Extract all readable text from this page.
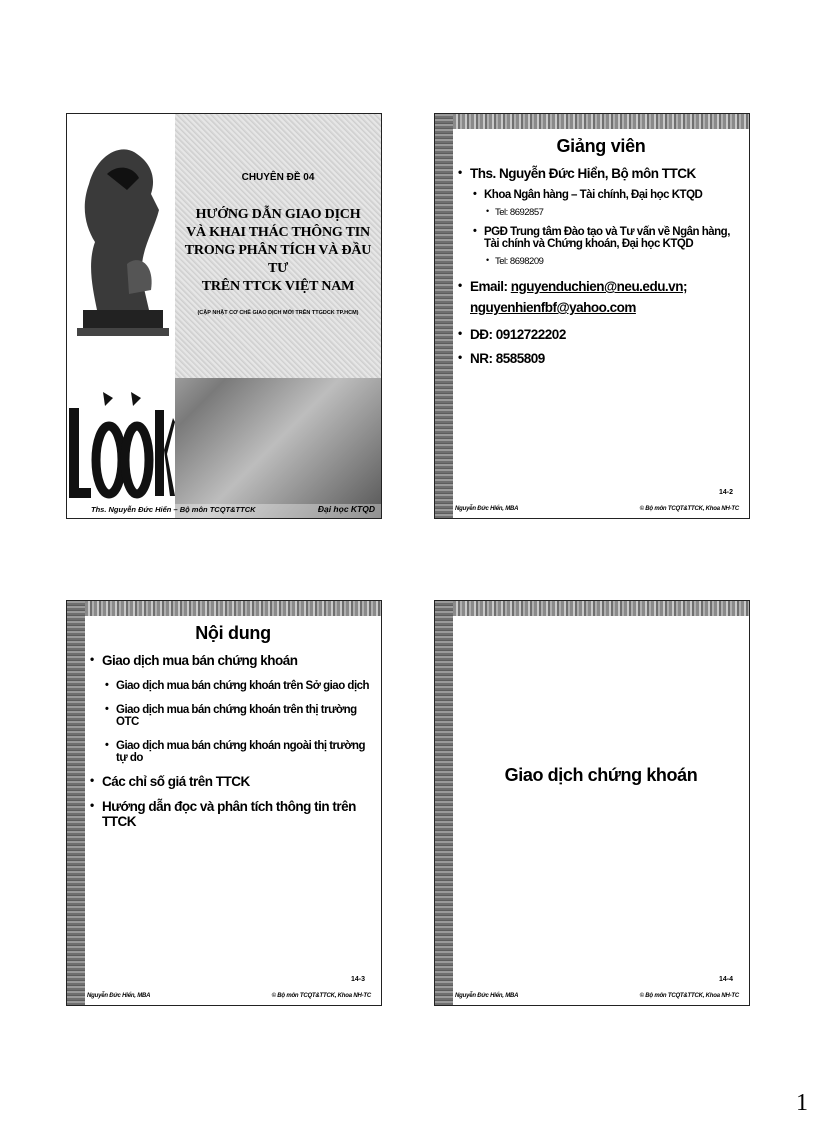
CHUYÊN ĐỀ 04
HƯỚNG DẪN GIAO DỊCH
VÀ KHAI THÁC THÔNG TIN
TRONG PHÂN TÍCH VÀ ĐẦU TƯ
TRÊN TTCK VIỆT NAM
(CẬP NHẬT CƠ CHẾ GIAO DỊCH MỚI TRÊN TTGDCK TP.HCM)
Ths. Nguyễn Đức Hiển – Bộ môn TCQT&TTCK	Đại học KTQD
Giảng viên
• Ths. Nguyễn Đức Hiển, Bộ môn TTCK
• Khoa Ngân hàng – Tài chính, Đại học KTQD
• Tel: 8692857
• PGĐ Trung tâm Đào tạo và Tư vấn về Ngân hàng, Tài chính và Chứng khoán, Đại học KTQD
• Tel: 8698209
• Email: nguyenduchien@neu.edu.vn;
nguyenhienfbf@yahoo.com
• DĐ: 0912722202
• NR: 8585809
14-2
Nguyễn Đức Hiển, MBA	© Bộ môn TCQT&TTCK, Khoa NH-TC
Nội dung
• Giao dịch mua bán chứng khoán
• Giao dịch mua bán chứng khoán trên Sở giao dịch
• Giao dịch mua bán chứng khoán trên thị trường OTC
• Giao dịch mua bán chứng khoán ngoài thị trường tự do
• Các chỉ số giá trên TTCK
• Hướng dẫn đọc và phân tích thông tin trên TTCK
14-3
Nguyễn Đức Hiển, MBA	© Bộ môn TCQT&TTCK, Khoa NH-TC
Giao dịch chứng khoán
14-4
Nguyễn Đức Hiển, MBA	© Bộ môn TCQT&TTCK, Khoa NH-TC
1
